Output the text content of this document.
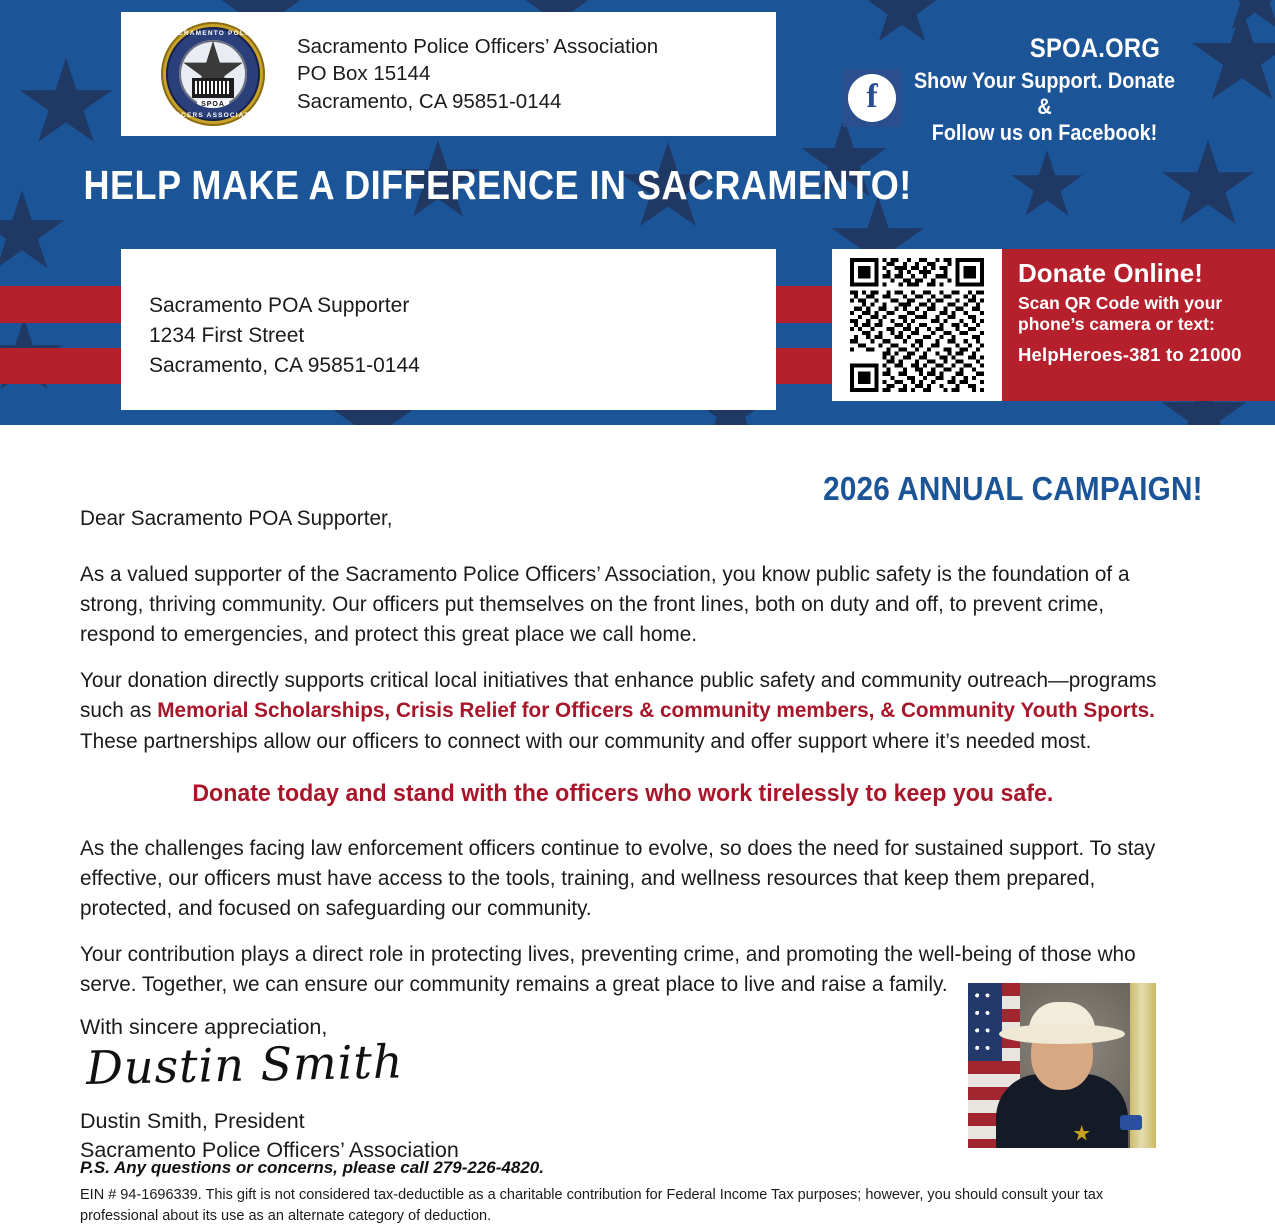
SACRAMENTO POLICE
OFFICERS ASSOCIATION
SPOA
Sacramento Police Officers’ Association
PO Box 15144
Sacramento, CA 95851-0144
SPOA.ORG
f	Show Your Support. Donate &
Follow us on Facebook!
HELP MAKE A DIFFERENCE IN SACRAMENTO!
Sacramento POA Supporter
1234 First Street
Sacramento, CA 95851-0144
Donate Online!
Scan QR Code with your
phone’s camera or text:
HelpHeroes-381 to 21000
2026 ANNUAL CAMPAIGN!

Dear Sacramento POA Supporter,

As a valued supporter of the Sacramento Police Officers’ Association, you know public safety is the foundation of a strong, thriving community. Our officers put themselves on the front lines, both on duty and off, to prevent crime, respond to emergencies, and protect this great place we call home.

Your donation directly supports critical local initiatives that enhance public safety and community outreach—programs such as Memorial Scholarships, Crisis Relief for Officers & community members, & Community Youth Sports. These partnerships allow our officers to connect with our community and offer support where it’s needed most.

Donate today and stand with the officers who work tirelessly to keep you safe.

As the challenges facing law enforcement officers continue to evolve, so does the need for sustained support. To stay effective, our officers must have access to the tools, training, and wellness resources that keep them prepared, protected, and focused on safeguarding our community.

Your contribution plays a direct role in protecting lives, preventing crime, and promoting the well-being of those who serve. Together, we can ensure our community remains a great place to live and raise a family.

With sincere appreciation,
Dustin Smith
Dustin Smith, President
Sacramento Police Officers’ Association
P.S. Any questions or concerns, please call 279-226-4820.
EIN # 94-1696339. This gift is not considered tax-deductible as a charitable contribution for Federal Income Tax purposes; however, you should consult your tax professional about its use as an alternate category of deduction.
